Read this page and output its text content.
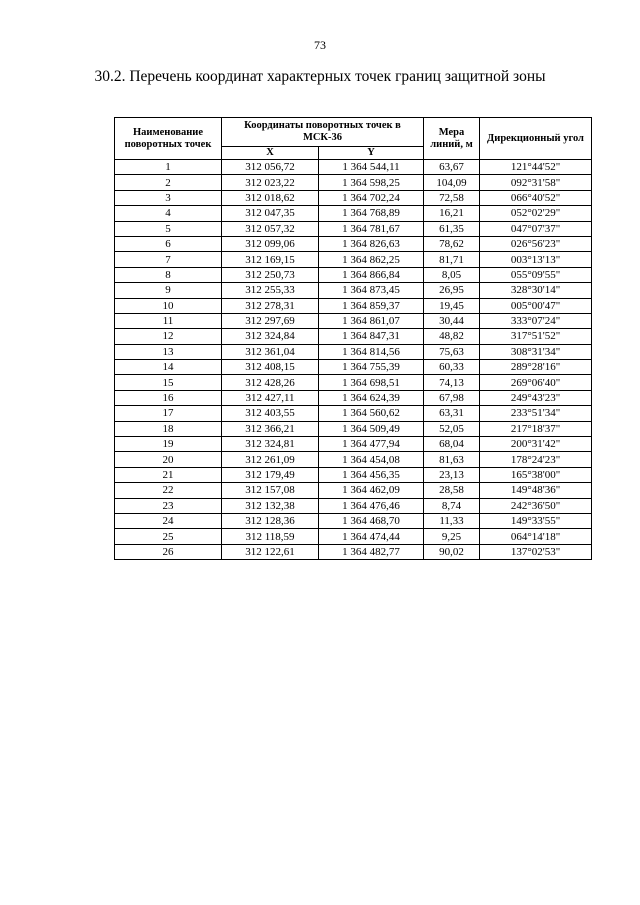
73
30.2. Перечень координат характерных точек границ защитной зоны
Наименование поворотных точек	Координаты поворотных точек в МСК-36		Мера линий, м	Дирекционный угол
	X	Y		
1	312 056,72	1 364 544,11	63,67	121°44'52"
2	312 023,22	1 364 598,25	104,09	092°31'58"
3	312 018,62	1 364 702,24	72,58	066°40'52"
4	312 047,35	1 364 768,89	16,21	052°02'29"
5	312 057,32	1 364 781,67	61,35	047°07'37"
6	312 099,06	1 364 826,63	78,62	026°56'23"
7	312 169,15	1 364 862,25	81,71	003°13'13"
8	312 250,73	1 364 866,84	8,05	055°09'55"
9	312 255,33	1 364 873,45	26,95	328°30'14"
10	312 278,31	1 364 859,37	19,45	005°00'47"
11	312 297,69	1 364 861,07	30,44	333°07'24"
12	312 324,84	1 364 847,31	48,82	317°51'52"
13	312 361,04	1 364 814,56	75,63	308°31'34"
14	312 408,15	1 364 755,39	60,33	289°28'16"
15	312 428,26	1 364 698,51	74,13	269°06'40"
16	312 427,11	1 364 624,39	67,98	249°43'23"
17	312 403,55	1 364 560,62	63,31	233°51'34"
18	312 366,21	1 364 509,49	52,05	217°18'37"
19	312 324,81	1 364 477,94	68,04	200°31'42"
20	312 261,09	1 364 454,08	81,63	178°24'23"
21	312 179,49	1 364 456,35	23,13	165°38'00"
22	312 157,08	1 364 462,09	28,58	149°48'36"
23	312 132,38	1 364 476,46	8,74	242°36'50"
24	312 128,36	1 364 468,70	11,33	149°33'55"
25	312 118,59	1 364 474,44	9,25	064°14'18"
26	312 122,61	1 364 482,77	90,02	137°02'53"
